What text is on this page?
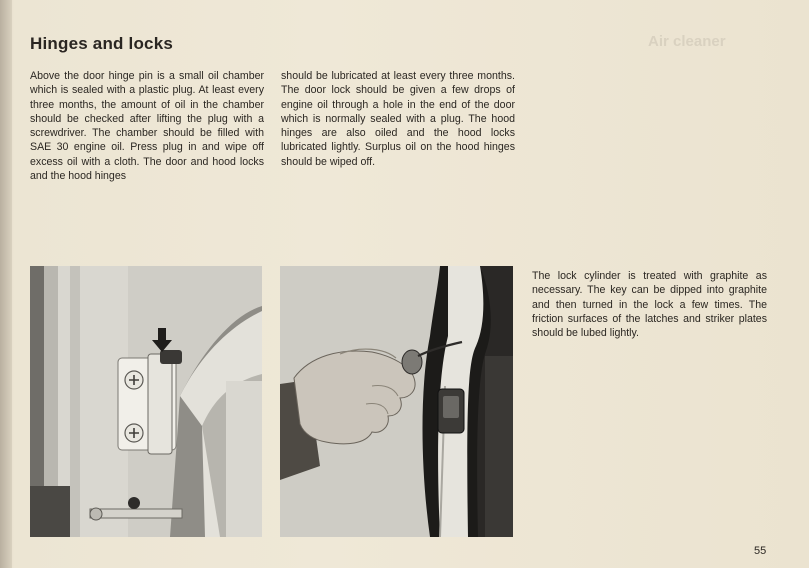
Air cleaner
Hinges and locks

Above the door hinge pin is a small oil chamber which is sealed with a plastic plug. At least every three months, the amount of oil in the chamber should be checked after lifting the plug with a screwdriver. The chamber should be filled with SAE 30 engine oil. Press plug in and wipe off excess oil with a cloth. The door and hood locks and the hood hinges

should be lubricated at least every three months. The door lock should be given a few drops of engine oil through a hole in the end of the door which is normally sealed with a plug. The hood hinges are also oiled and the hood locks lubricated lightly. Surplus oil on the hood hinges should be wiped off.

The lock cylinder is treated with graphite as necessary. The key can be dipped into graphite and then turned in the lock a few times. The friction surfaces of the latches and striker plates should be lubed lightly.

55
